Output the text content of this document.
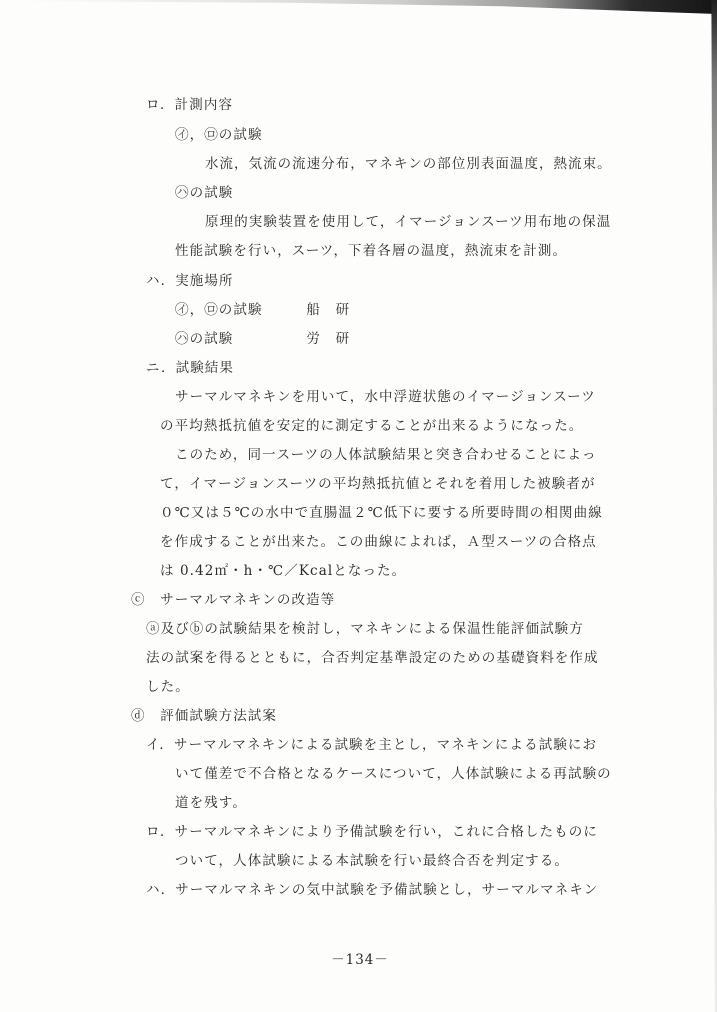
ロ．計測内容
㋑，㋺の試験
水流，気流の流速分布，マネキンの部位別表面温度，熱流束。
㋩の試験
原理的実験装置を使用して，イマージョンスーツ用布地の保温
性能試験を行い，スーツ，下着各層の温度，熱流束を計測。
ハ．実施場所
㋑，㋺の試験　　　船　研
㋩の試験　　　　　労　研
ニ．試験結果
サーマルマネキンを用いて，水中浮遊状態のイマージョンスーツ
の平均熱抵抗値を安定的に測定することが出来るようになった。
このため，同一スーツの人体試験結果と突き合わせることによっ
て，イマージョンスーツの平均熱抵抗値とそれを着用した被験者が
０℃又は５℃の水中で直腸温２℃低下に要する所要時間の相関曲線
を作成することが出来た。この曲線によれば，Ａ型スーツの合格点
は 0.42㎡・h・℃／Kcalとなった。
ⓒ　サーマルマネキンの改造等
ⓐ及びⓑの試験結果を検討し，マネキンによる保温性能評価試験方
法の試案を得るとともに，合否判定基準設定のための基礎資料を作成
した。
ⓓ　評価試験方法試案
イ．サーマルマネキンによる試験を主とし，マネキンによる試験にお
いて僅差で不合格となるケースについて，人体試験による再試験の
道を残す。
ロ．サーマルマネキンにより予備試験を行い，これに合格したものに
ついて，人体試験による本試験を行い最終合否を判定する。
ハ．サーマルマネキンの気中試験を予備試験とし，サーマルマネキン
－134－
